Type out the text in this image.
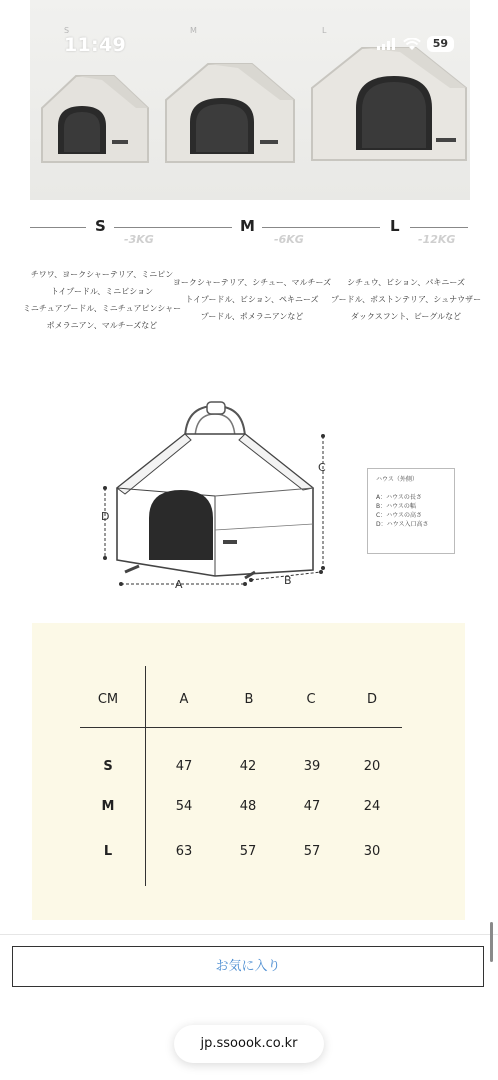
S	M	L
11:49	59
S
-3KG
M
-6KG
L
-12KG
チワワ、ヨークシャーテリア、ミニピン
トイプードル、ミニビション
ミニチュアプードル、ミニチュアピンシャー
ポメラニアン、マルチーズなど
ヨークシャーテリア、シチュー、マルチーズ
トイプードル、ビション、ペキニーズ
プードル、ポメラニアンなど
シチュウ、ビション、パキニーズ
プードル、ボストンテリア、シュナウザー
ダックスフント、ビーグルなど
D
A	B
C
ハウス（外側）
A：ハウスの長さ
B：ハウスの幅
C：ハウスの高さ
D：ハウス入口高さ
CM	A	B	C	D
S	47	42	39	20
M	54	48	47	24
L	63	57	57	30
お気に入り
jp.ssoook.co.kr
